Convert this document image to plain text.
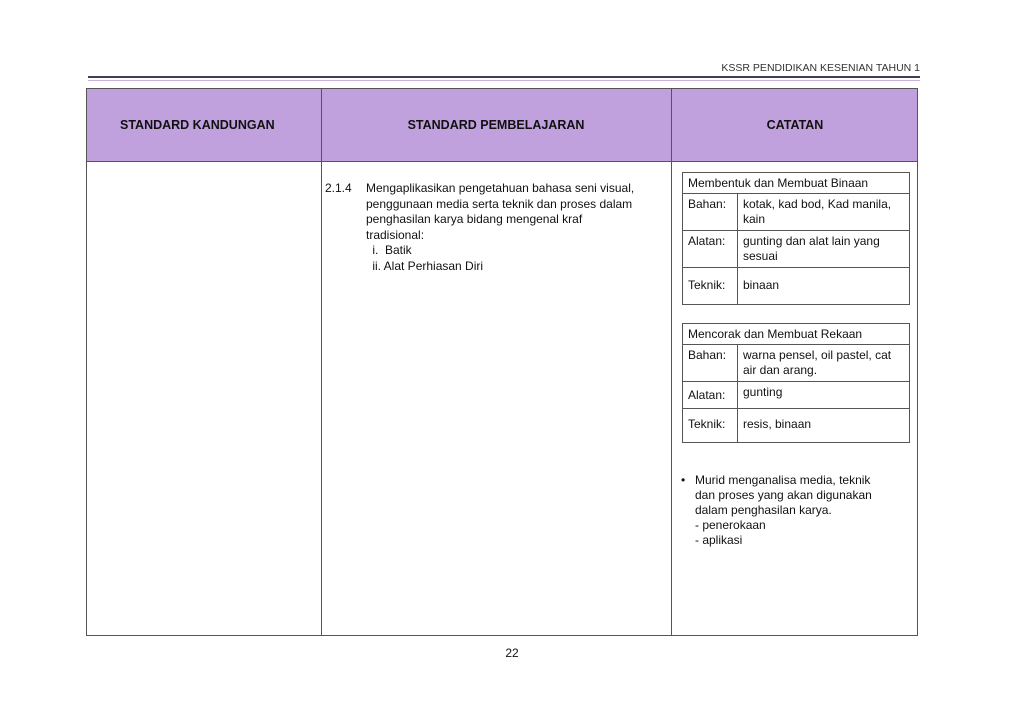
KSSR PENDIDIKAN KESENIAN TAHUN 1
STANDARD KANDUNGAN	STANDARD PEMBELAJARAN	CATATAN
2.1.4 Mengaplikasikan pengetahuan bahasa seni visual,
penggunaan media serta teknik dan proses dalam
penghasilan karya bidang mengenal kraf
tradisional:
i.  Batik
ii. Alat Perhiasan Diri
Membentuk dan Membuat Binaan
Bahan:	kotak, kad bod, Kad manila, kain
Alatan:	gunting dan alat lain yang sesuai
Teknik:	binaan
Mencorak dan Membuat Rekaan
Bahan:	warna pensel, oil pastel, cat air dan arang.
Alatan:	gunting
Teknik:	resis, binaan
• Murid menganalisa media, teknik
dan proses yang akan digunakan
dalam penghasilan karya.
- penerokaan
- aplikasi
22
